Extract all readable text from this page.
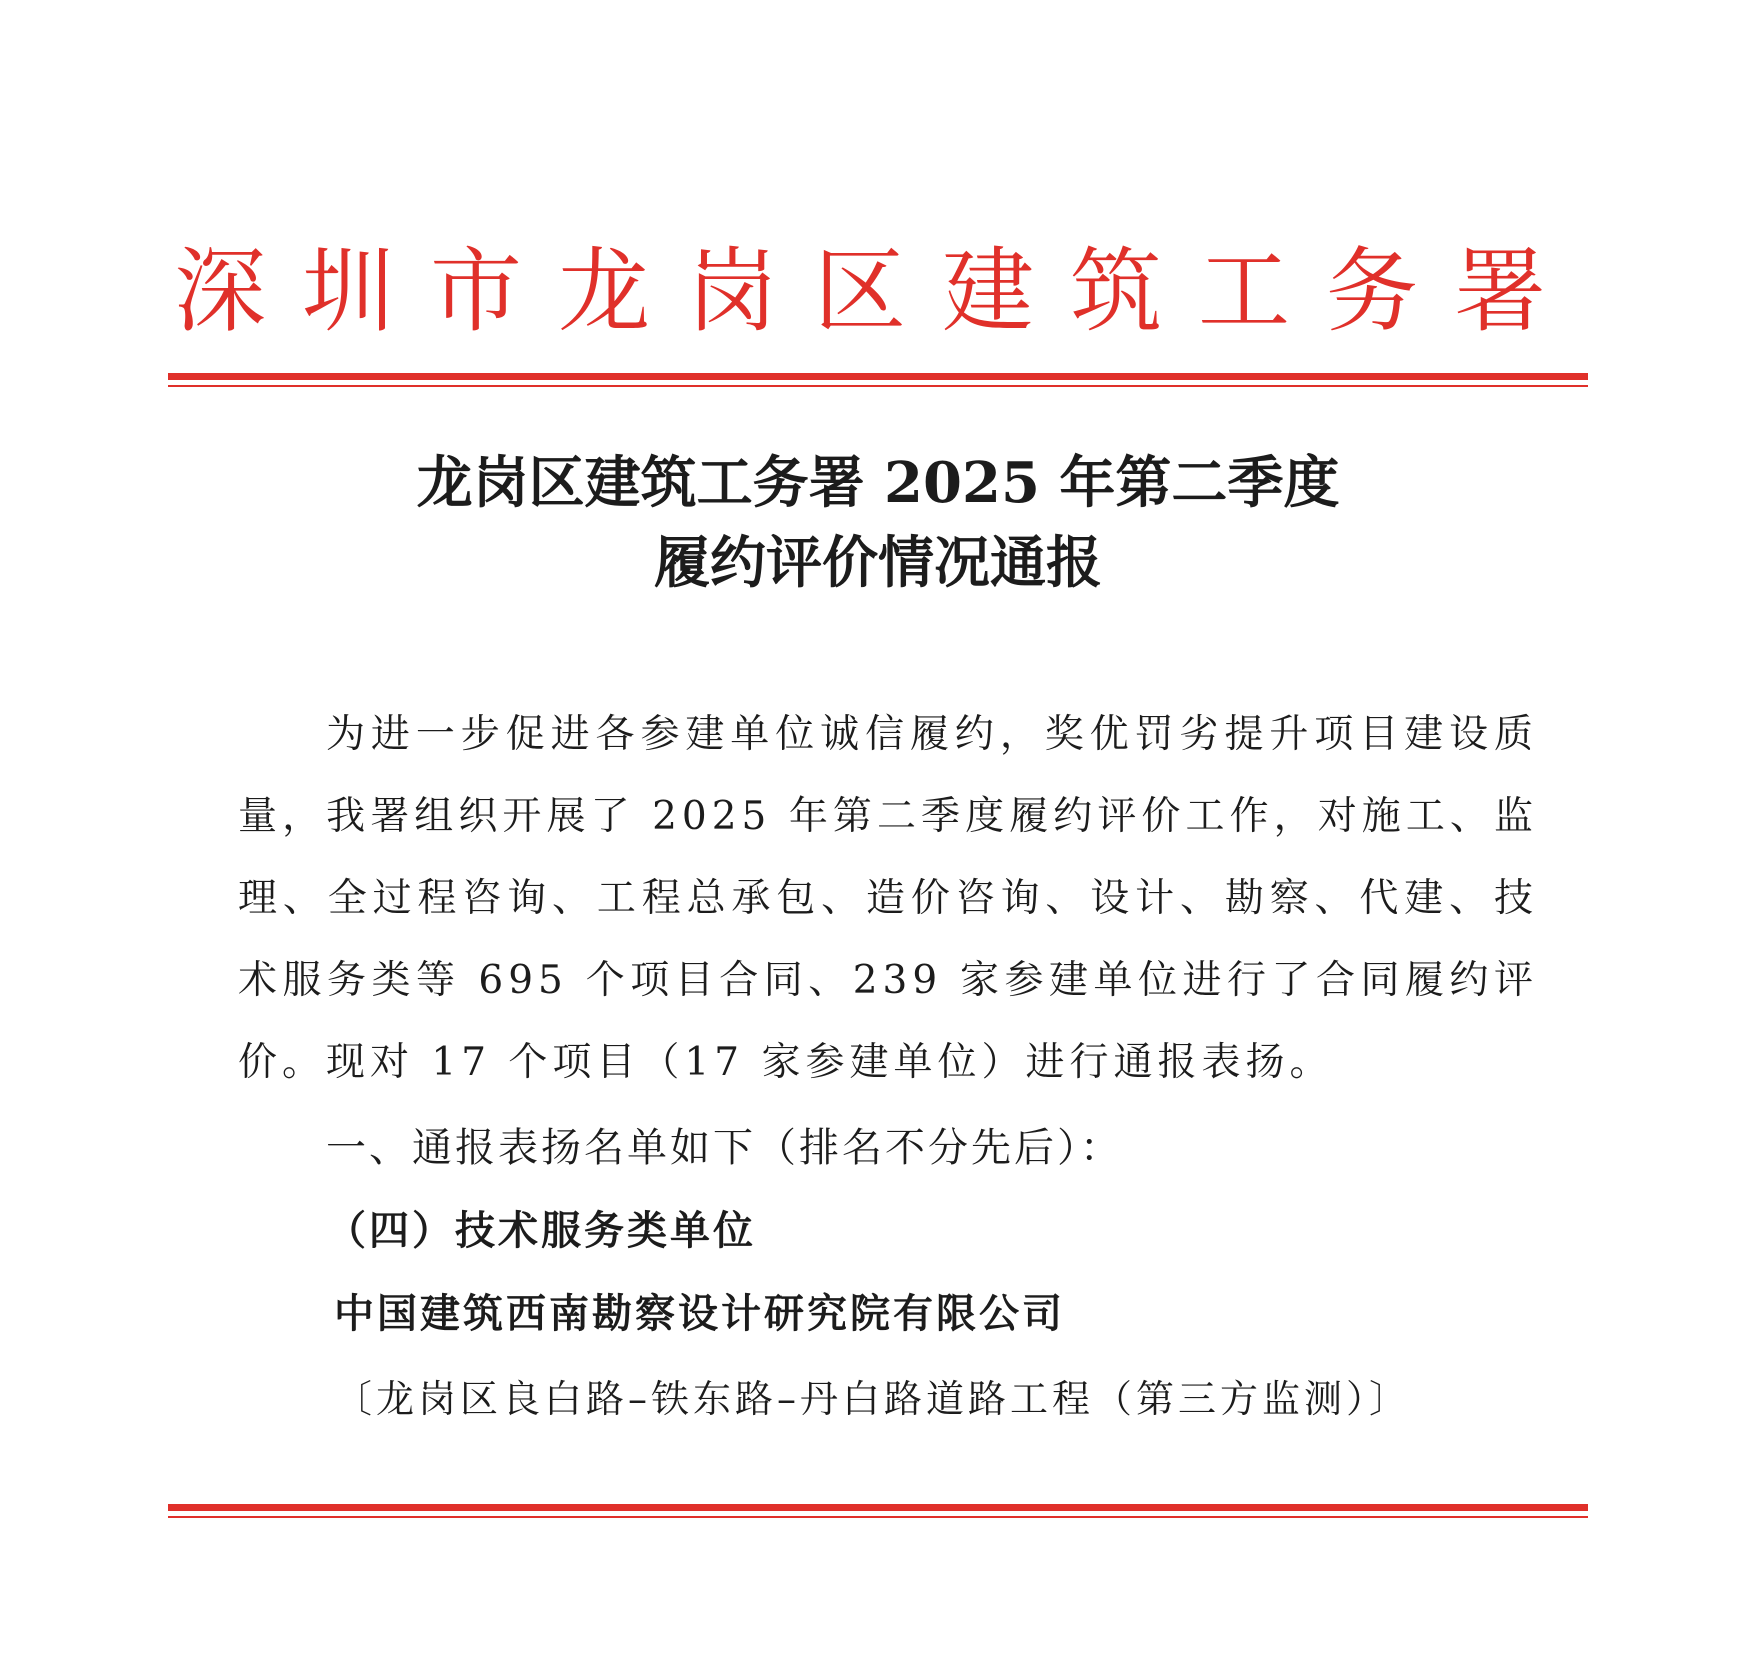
深圳市龙岗区建筑工务署
龙岗区建筑工务署 2025 年第二季度
履约评价情况通报
为进一步促进各参建单位诚信履约，奖优罚劣提升项目建设质量，我署组织开展了 2025 年第二季度履约评价工作，对施工、监理、全过程咨询、工程总承包、造价咨询、设计、勘察、代建、技术服务类等 695 个项目合同、239 家参建单位进行了合同履约评价。现对 17 个项目（17 家参建单位）进行通报表扬。
一、通报表扬名单如下（排名不分先后）：
（四）技术服务类单位
中国建筑西南勘察设计研究院有限公司
〔龙岗区良白路–铁东路–丹白路道路工程（第三方监测）〕
